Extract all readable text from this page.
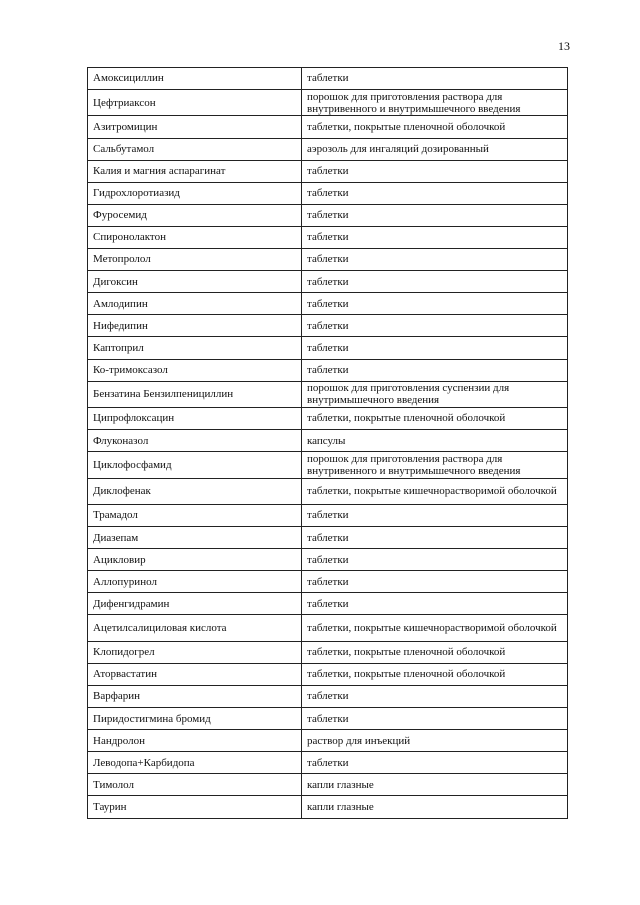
13
Амоксициллин	таблетки
Цефтриаксон	порошок для приготовления раствора для внутривенного и внутримышечного введения
Азитромицин	таблетки, покрытые пленочной оболочкой
Сальбутамол	аэрозоль для ингаляций дозированный
Калия и магния аспарагинат	таблетки
Гидрохлоротиазид	таблетки
Фуросемид	таблетки
Спиронолактон	таблетки
Метопролол	таблетки
Дигоксин	таблетки
Амлодипин	таблетки
Нифедипин	таблетки
Каптоприл	таблетки
Ко-тримоксазол	таблетки
Бензатина Бензилпенициллин	порошок для приготовления суспензии для внутримышечного введения
Ципрофлоксацин	таблетки, покрытые пленочной оболочкой
Флуконазол	капсулы
Циклофосфамид	порошок для приготовления раствора для внутривенного и внутримышечного введения
Диклофенак	таблетки, покрытые кишечнорастворимой оболочкой
Трамадол	таблетки
Диазепам	таблетки
Ацикловир	таблетки
Аллопуринол	таблетки
Дифенгидрамин	таблетки
Ацетилсалициловая кислота	таблетки, покрытые кишечнорастворимой оболочкой
Клопидогрел	таблетки, покрытые пленочной оболочкой
Аторвастатин	таблетки, покрытые пленочной оболочкой
Варфарин	таблетки
Пиридостигмина бромид	таблетки
Нандролон	раствор для инъекций
Леводопа+Карбидопа	таблетки
Тимолол	капли глазные
Таурин	капли глазные
